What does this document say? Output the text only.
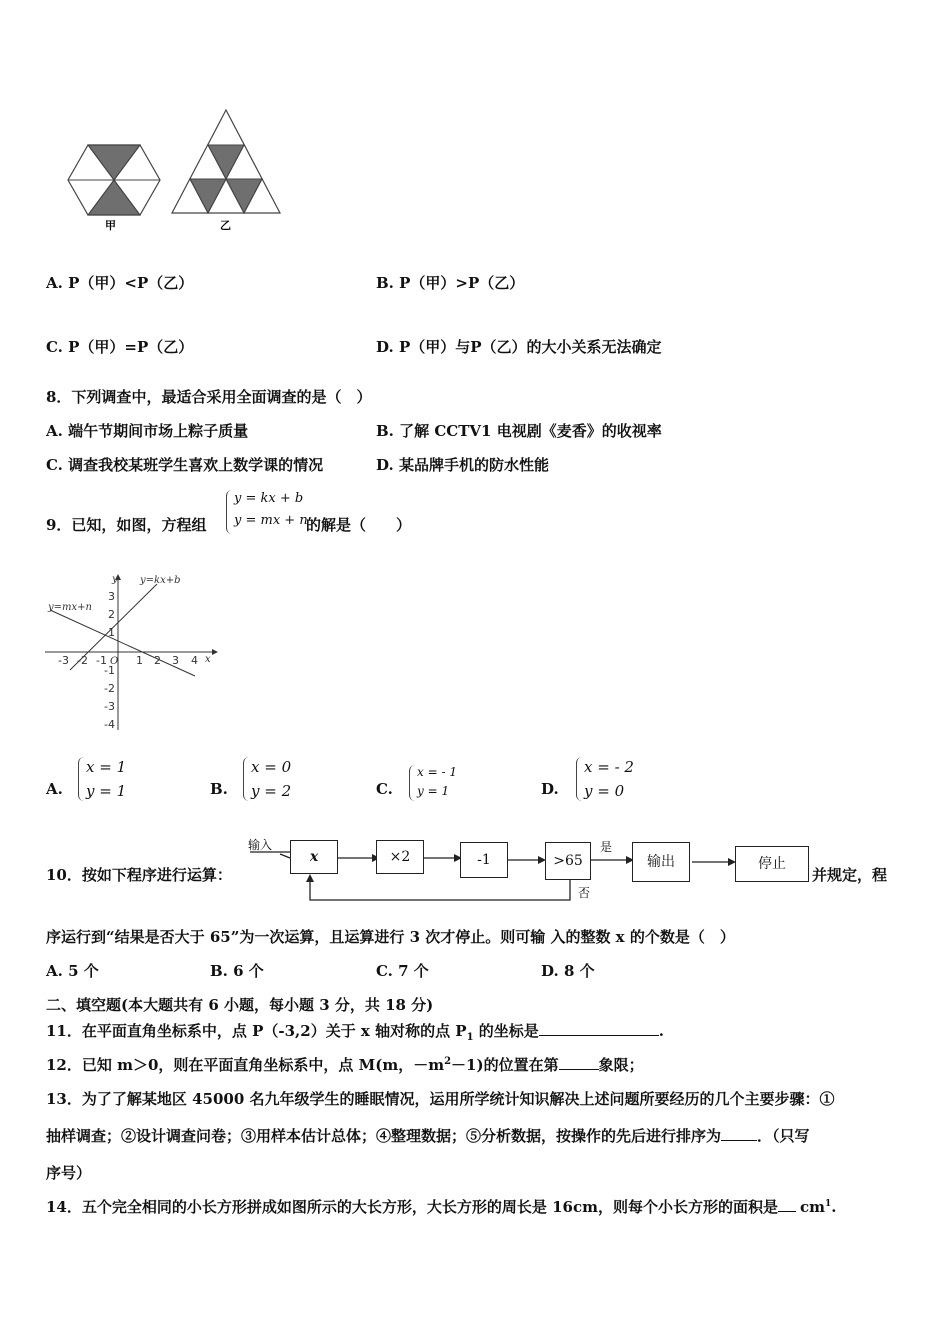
甲	乙
A. P（甲）<P（乙）	B. P（甲）>P（乙）
C. P（甲）=P（乙）	D. P（甲）与P（乙）的大小关系无法确定
8．下列调查中，最适合采用全面调查的是（　）
A. 端午节期间市场上粽子质量	B. 了解 CCTV1 电视剧《麦香》的收视率
C. 调查我校某班学生喜欢上数学课的情况	D. 某品牌手机的防水性能
9．已知，如图，方程组
y = kx + b
y = mx + n
的解是（　　）
y=kx+b
y=mx+n
y
x
O
-3 -2 -1	1 2 3 4
3
2
1
-1
-2
-3
-4
A.
x = 1
y = 1	B.
x = 0
y = 2	C.
x = - 1
y = 1	D.
x = - 2
y = 0
10．按如下程序进行运算：
输入
x	×2	-1	>65
是
否
输出	停止
并规定，程
序运行到“结果是否大于 65”为一次运算，且运算进行 3 次才停止。则可输 入的整数 x 的个数是（　）
A. 5 个	B. 6 个	C. 7 个	D. 8 个
二、填空题(本大题共有 6 小题，每小题 3 分，共 18 分)
11．在平面直角坐标系中，点 P（-3,2）关于 x 轴对称的点 $P_1$ 的坐标是	.
12．已知 m＞0，则在平面直角坐标系中，点 M(m，$-m^2-1$)的位置在第	象限；
13．为了了解某地区 45000 名九年级学生的睡眠情况，运用所学统计知识解决上述问题所要经历的几个主要步骤：①
抽样调查；②设计调查问卷；③用样本估计总体；④整理数据；⑤分析数据，按操作的先后进行排序为 ．（只写
序号）
14．五个完全相同的小长方形拼成如图所示的大长方形，大长方形的周长是 16cm，则每个小长方形的面积是 $cm^1$.
